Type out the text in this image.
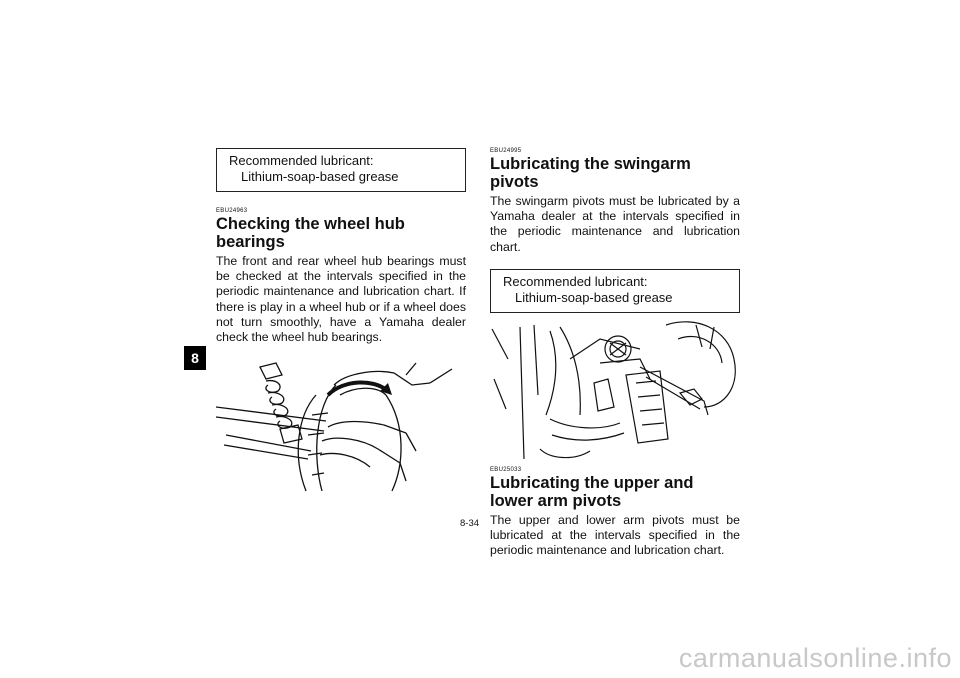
8
Recommended lubricant:
Lithium-soap-based grease
EBU24963
Checking the wheel hub bearings

The front and rear wheel hub bearings must be checked at the intervals specified in the periodic maintenance and lubrication chart. If there is play in a wheel hub or if a wheel does not turn smoothly, have a Yamaha dealer check the wheel hub bearings.

EBU24995
Lubricating the swingarm pivots

The swingarm pivots must be lubricated by a Yamaha dealer at the intervals specified in the periodic maintenance and lubrication chart.

Recommended lubricant:
Lithium-soap-based grease
EBU25033
Lubricating the upper and lower arm pivots

The upper and lower arm pivots must be lubricated at the intervals specified in the periodic maintenance and lubrication chart.

8-34
carmanualsonline.info
